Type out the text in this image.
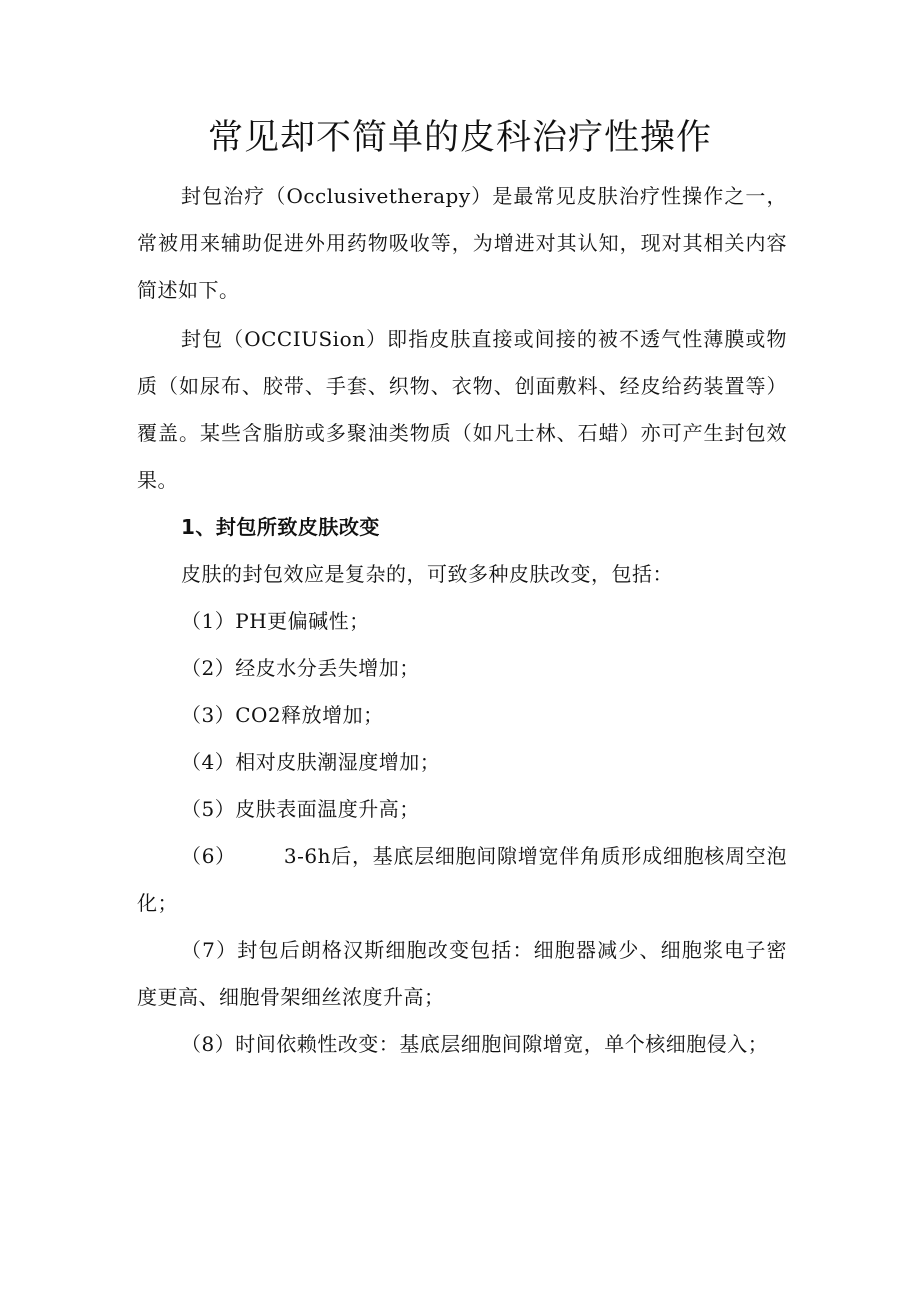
常见却不简单的皮科治疗性操作

封包治疗（Occlusivetherapy）是最常见皮肤治疗性操作之一，常被用来辅助促进外用药物吸收等，为增进对其认知，现对其相关内容简述如下。

封包（OCCIUSion）即指皮肤直接或间接的被不透气性薄膜或物质（如尿布、胶带、手套、织物、衣物、创面敷料、经皮给药装置等）覆盖。某些含脂肪或多聚油类物质（如凡士林、石蜡）亦可产生封包效果。

1、封包所致皮肤改变

皮肤的封包效应是复杂的，可致多种皮肤改变，包括：

（1）PH更偏碱性；

（2）经皮水分丢失增加；

（3）CO2释放增加；

（4）相对皮肤潮湿度增加；

（5）皮肤表面温度升高；

（6） 3-6h后，基底层细胞间隙增宽伴角质形成细胞核周空泡化；

（7）封包后朗格汉斯细胞改变包括：细胞器减少、细胞浆电子密度更高、细胞骨架细丝浓度升高；

（8）时间依赖性改变：基底层细胞间隙增宽，单个核细胞侵入；
